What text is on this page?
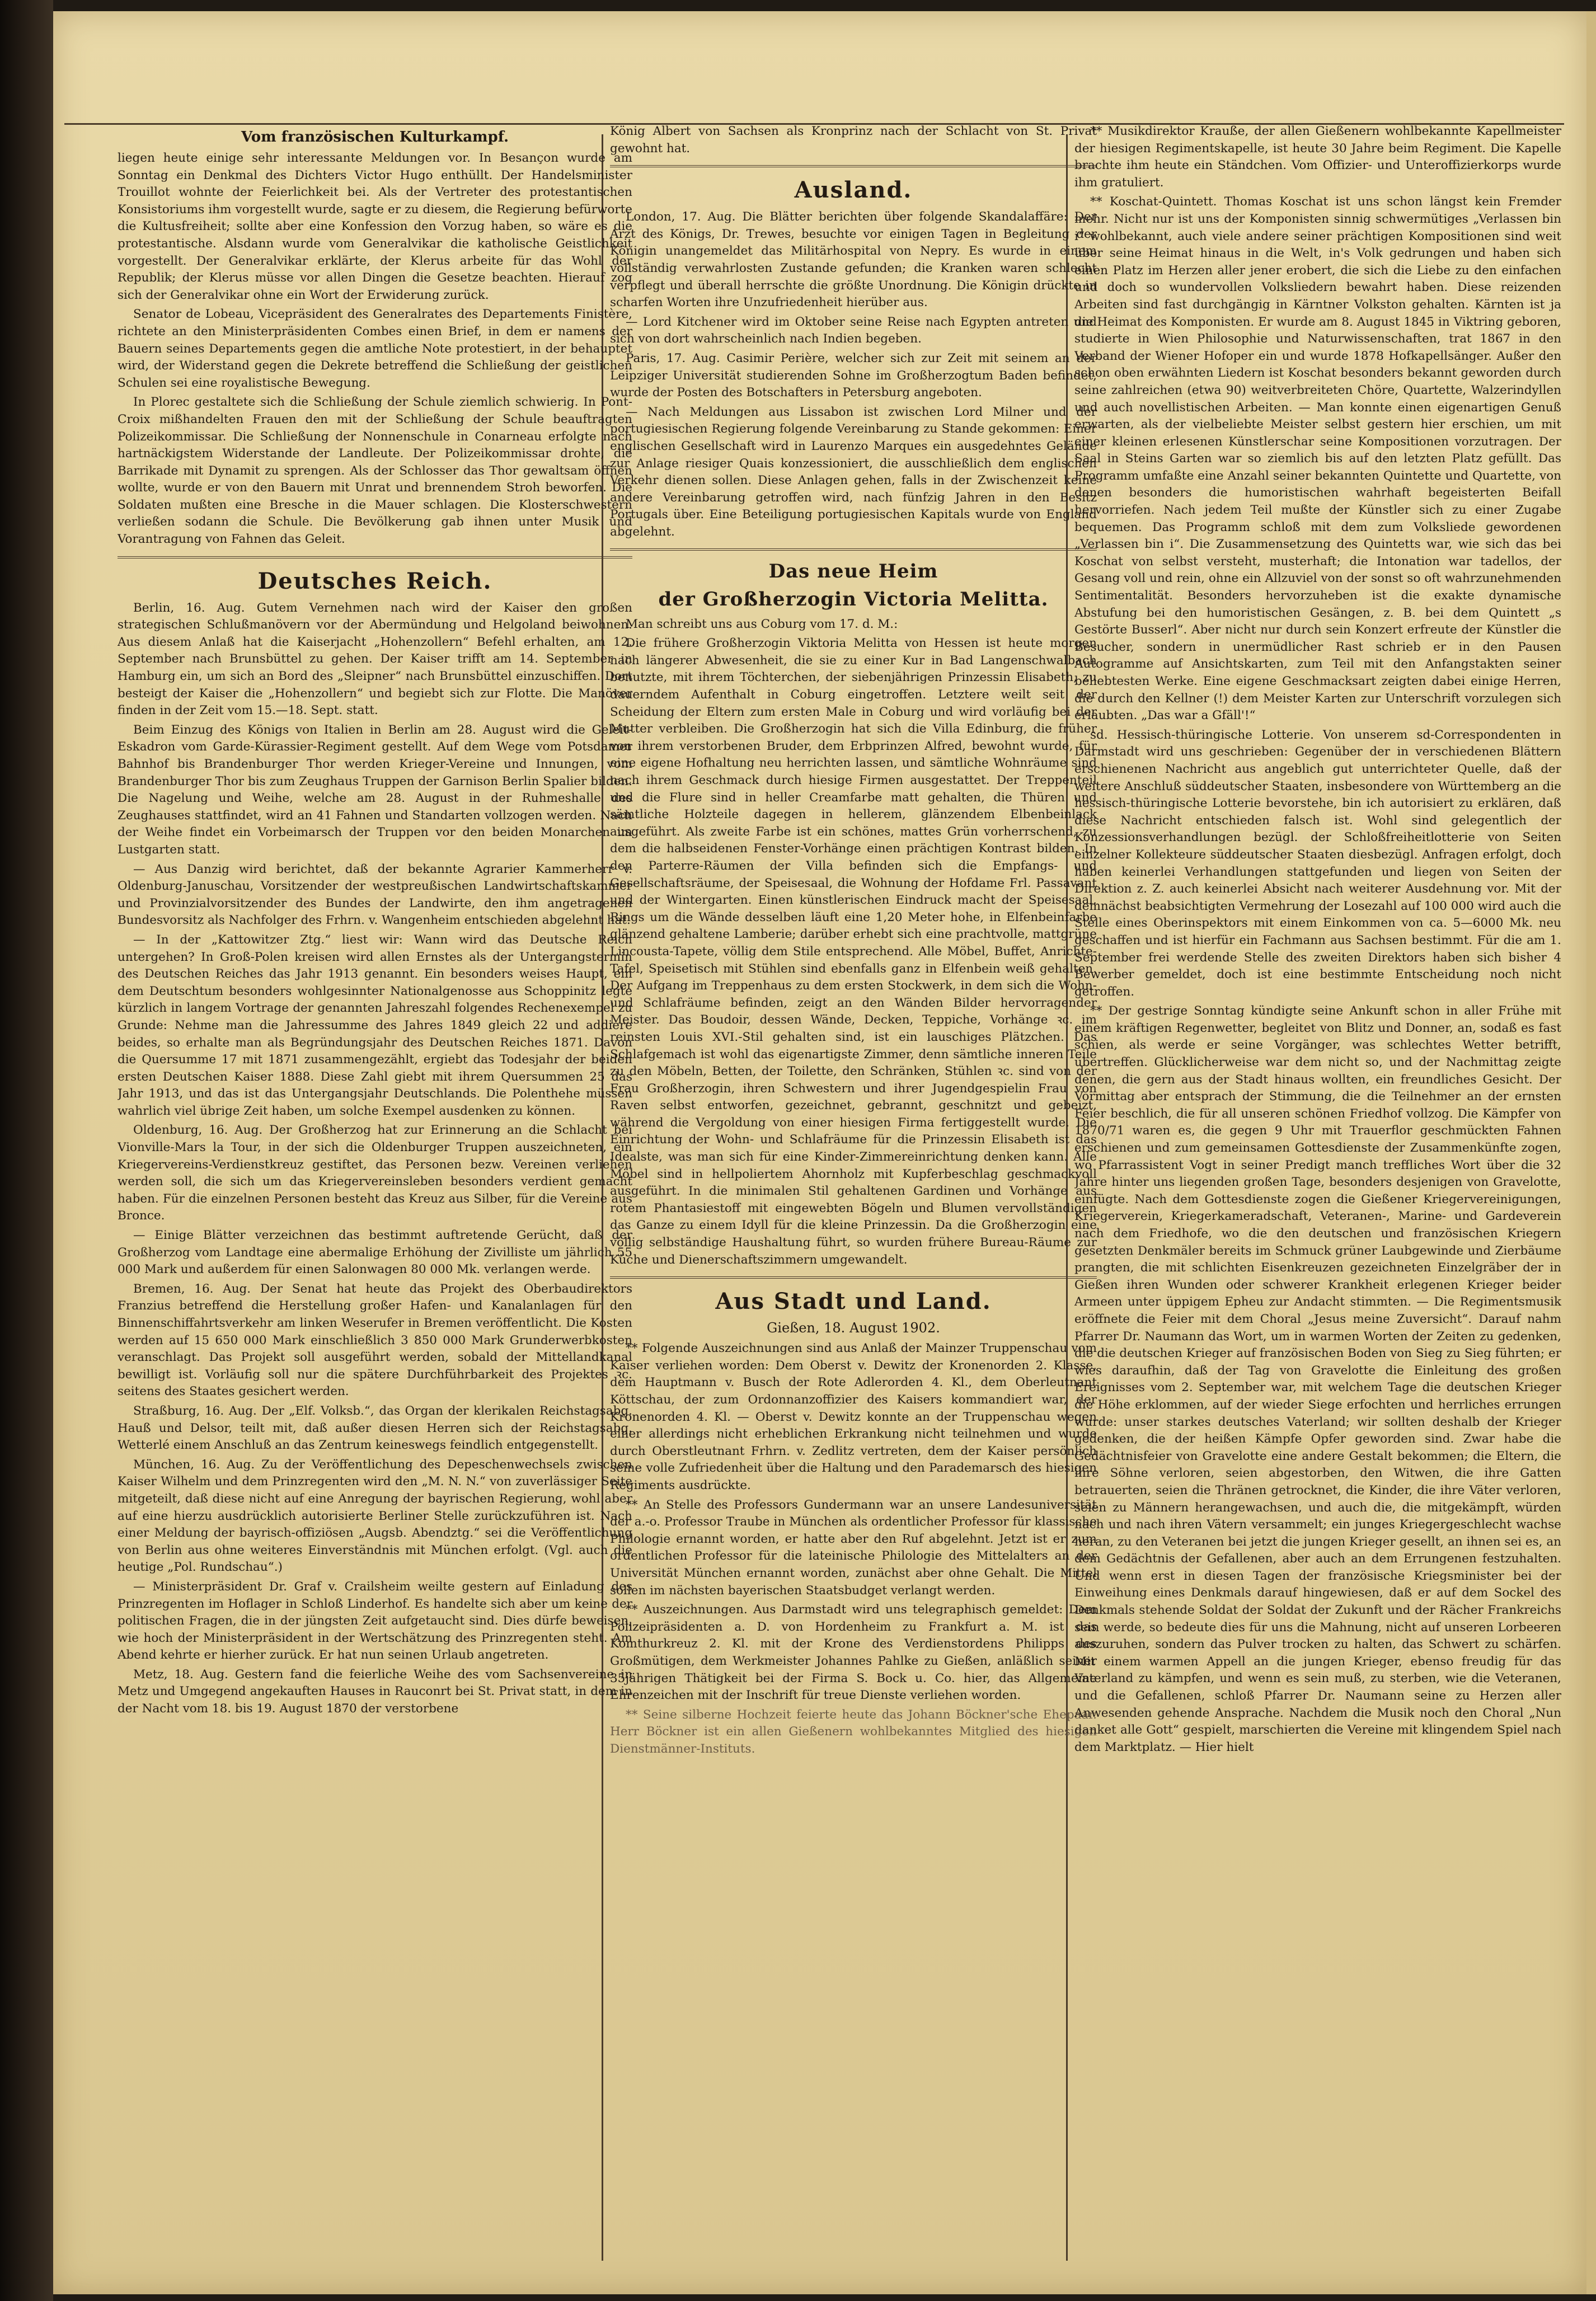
Vom französischen Kulturkampf.

liegen heute einige sehr interessante Meldungen vor. In Besançon wurde am Sonntag ein Denkmal des Dichters Victor Hugo enthüllt. Der Handelsminister Trouillot wohnte der Feierlichkeit bei. Als der Vertreter des protestantischen Konsistoriums ihm vorgestellt wurde, sagte er zu diesem, die Regierung befürworte die Kultusfreiheit; sollte aber eine Konfession den Vorzug haben, so wäre es die protestantische. Alsdann wurde vom Generalvikar die katholische Geistlichkeit vorgestellt. Der Generalvikar erklärte, der Klerus arbeite für das Wohl der Republik; der Klerus müsse vor allen Dingen die Gesetze beachten. Hierauf zog sich der Generalvikar ohne ein Wort der Erwiderung zurück.

Senator de Lobeau, Vicepräsident des Generalrates des Departements Finistère, richtete an den Ministerpräsidenten Combes einen Brief, in dem er namens der Bauern seines Departements gegen die amtliche Note protestiert, in der behauptet wird, der Widerstand gegen die Dekrete betreffend die Schließung der geistlichen Schulen sei eine royalistische Bewegung.

In Plorec gestaltete sich die Schließung der Schule ziemlich schwierig. In Pont-Croix mißhandelten Frauen den mit der Schließung der Schule beauftragten Polizeikommissar. Die Schließung der Nonnenschule in Conarneau erfolgte nach hartnäckigstem Widerstande der Landleute. Der Polizeikommissar drohte, die Barrikade mit Dynamit zu sprengen. Als der Schlosser das Thor gewaltsam öffnen wollte, wurde er von den Bauern mit Unrat und brennendem Stroh beworfen. Die Soldaten mußten eine Bresche in die Mauer schlagen. Die Klosterschwestern verließen sodann die Schule. Die Bevölkerung gab ihnen unter Musik und Vorantragung von Fahnen das Geleit.

Deutsches Reich.

Berlin, 16. Aug. Gutem Vernehmen nach wird der Kaiser den großen strategischen Schlußmanövern vor der Abermündung und Helgoland beiwohnen. Aus diesem Anlaß hat die Kaiserjacht „Hohenzollern“ Befehl erhalten, am 12. September nach Brunsbüttel zu gehen. Der Kaiser trifft am 14. September in Hamburg ein, um sich an Bord des „Sleipner“ nach Brunsbüttel einzuschiffen. Dort besteigt der Kaiser die „Hohenzollern“ und begiebt sich zur Flotte. Die Manöver finden in der Zeit vom 15.—18. Sept. statt.

Beim Einzug des Königs von Italien in Berlin am 28. August wird die Geleit-Eskadron vom Garde-Kürassier-Regiment gestellt. Auf dem Wege vom Potsdamer Bahnhof bis Brandenburger Thor werden Krieger-Vereine und Innungen, vom Brandenburger Thor bis zum Zeughaus Truppen der Garnison Berlin Spalier bilden. Die Nagelung und Weihe, welche am 28. August in der Ruhmeshalle des Zeughauses stattfindet, wird an 41 Fahnen und Standarten vollzogen werden. Nach der Weihe findet ein Vorbeimarsch der Truppen vor den beiden Monarchen im Lustgarten statt.

— Aus Danzig wird berichtet, daß der bekannte Agrarier Kammerherr v. Oldenburg-Januschau, Vorsitzender der westpreußischen Landwirtschaftskammer und Provinzialvorsitzender des Bundes der Landwirte, den ihm angetragenen Bundesvorsitz als Nachfolger des Frhrn. v. Wangenheim entschieden abgelehnt hat.

— In der „Kattowitzer Ztg.“ liest wir: Wann wird das Deutsche Reich untergehen? In Groß-Polen kreisen wird allen Ernstes als der Untergangstermin des Deutschen Reiches das Jahr 1913 genannt. Ein besonders weises Haupt, ein dem Deutschtum besonders wohlgesinnter Nationalgenosse aus Schoppinitz legte kürzlich in langem Vortrage der genannten Jahreszahl folgendes Rechenexempel zu Grunde: Nehme man die Jahressumme des Jahres 1849 gleich 22 und addiere beides, so erhalte man als Begründungsjahr des Deutschen Reiches 1871. Davon die Quersumme 17 mit 1871 zusammengezählt, ergiebt das Todesjahr der beiden ersten Deutschen Kaiser 1888. Diese Zahl giebt mit ihrem Quersummen 25 das Jahr 1913, und das ist das Untergangsjahr Deutschlands. Die Polenthehe müssen wahrlich viel übrige Zeit haben, um solche Exempel ausdenken zu können.

Oldenburg, 16. Aug. Der Großherzog hat zur Erinnerung an die Schlacht bei Vionville-Mars la Tour, in der sich die Oldenburger Truppen auszeichneten, ein Kriegervereins-Verdienstkreuz gestiftet, das Personen bezw. Vereinen verliehen werden soll, die sich um das Kriegervereinsleben besonders verdient gemacht haben. Für die einzelnen Personen besteht das Kreuz aus Silber, für die Vereine aus Bronce.

— Einige Blätter verzeichnen das bestimmt auftretende Gerücht, daß der Großherzog vom Landtage eine abermalige Erhöhung der Zivilliste um jährlich 55 000 Mark und außerdem für einen Salonwagen 80 000 Mk. verlangen werde.

Bremen, 16. Aug. Der Senat hat heute das Projekt des Oberbaudirektors Franzius betreffend die Herstellung großer Hafen- und Kanalanlagen für den Binnenschiffahrtsverkehr am linken Weserufer in Bremen veröffentlicht. Die Kosten werden auf 15 650 000 Mark einschließlich 3 850 000 Mark Grunderwerbkosten veranschlagt. Das Projekt soll ausgeführt werden, sobald der Mittellandkanal bewilligt ist. Vorläufig soll nur die spätere Durchführbarkeit des Projektes ꝛc. seitens des Staates gesichert werden.

Straßburg, 16. Aug. Der „Elf. Volksb.“, das Organ der klerikalen Reichstagsabg. Hauß und Delsor, teilt mit, daß außer diesen Herren sich der Reichstagsabg. Wetterlé einem Anschluß an das Zentrum keineswegs feindlich entgegenstellt.

München, 16. Aug. Zu der Veröffentlichung des Depeschenwechsels zwischen Kaiser Wilhelm und dem Prinzregenten wird den „M. N. N.“ von zuverlässiger Seite mitgeteilt, daß diese nicht auf eine Anregung der bayrischen Regierung, wohl aber auf eine hierzu ausdrücklich autorisierte Berliner Stelle zurückzuführen ist. Nach einer Meldung der bayrisch-offiziösen „Augsb. Abendztg.“ sei die Veröffentlichung von Berlin aus ohne weiteres Einverständnis mit München erfolgt. (Vgl. auch die heutige „Pol. Rundschau“.)

— Ministerpräsident Dr. Graf v. Crailsheim weilte gestern auf Einladung des Prinzregenten im Hoflager in Schloß Linderhof. Es handelte sich aber um keine der politischen Fragen, die in der jüngsten Zeit aufgetaucht sind. Dies dürfe beweisen, wie hoch der Ministerpräsident in der Wertschätzung des Prinzregenten steht. Am Abend kehrte er hierher zurück. Er hat nun seinen Urlaub angetreten.

Metz, 18. Aug. Gestern fand die feierliche Weihe des vom Sachsenvereine in Metz und Umgegend angekauften Hauses in Rauconrt bei St. Privat statt, in dem in der Nacht vom 18. bis 19. August 1870 der verstorbene

König Albert von Sachsen als Kronprinz nach der Schlacht von St. Privat gewohnt hat.

Ausland.

London, 17. Aug. Die Blätter berichten über folgende Skandalaffäre: Der Arzt des Königs, Dr. Trewes, besuchte vor einigen Tagen in Begleitung der Königin unangemeldet das Militärhospital von Nepry. Es wurde in einem vollständig verwahrlosten Zustande gefunden; die Kranken waren schlecht verpflegt und überall herrschte die größte Unordnung. Die Königin drückte in scharfen Worten ihre Unzufriedenheit hierüber aus.

— Lord Kitchener wird im Oktober seine Reise nach Egypten antreten und sich von dort wahrscheinlich nach Indien begeben.

Paris, 17. Aug. Casimir Perière, welcher sich zur Zeit mit seinem an der Leipziger Universität studierenden Sohne im Großherzogtum Baden befindet, wurde der Posten des Botschafters in Petersburg angeboten.

— Nach Meldungen aus Lissabon ist zwischen Lord Milner und der portugiesischen Regierung folgende Vereinbarung zu Stande gekommen: Einer englischen Gesellschaft wird in Laurenzo Marques ein ausgedehntes Gelände zur Anlage riesiger Quais konzessioniert, die ausschließlich dem englischen Verkehr dienen sollen. Diese Anlagen gehen, falls in der Zwischenzeit keine andere Vereinbarung getroffen wird, nach fünfzig Jahren in den Besitz Portugals über. Eine Beteiligung portugiesischen Kapitals wurde von England abgelehnt.

Das neue Heim
der Großherzogin Victoria Melitta.

Man schreibt uns aus Coburg vom 17. d. M.:

Die frühere Großherzogin Viktoria Melitta von Hessen ist heute morgen nach längerer Abwesenheit, die sie zu einer Kur in Bad Langenschwalbach benutzte, mit ihrem Töchterchen, der siebenjährigen Prinzessin Elisabeth, zu dauerndem Aufenthalt in Coburg eingetroffen. Letztere weilt seit der Scheidung der Eltern zum ersten Male in Coburg und wird vorläufig bei der Mutter verbleiben. Die Großherzogin hat sich die Villa Edinburg, die früher von ihrem verstorbenen Bruder, dem Erbprinzen Alfred, bewohnt wurde, für eine eigene Hofhaltung neu herrichten lassen, und sämtliche Wohnräume sind nach ihrem Geschmack durch hiesige Firmen ausgestattet. Der Treppenteil und die Flure sind in heller Creamfarbe matt gehalten, die Thüren und sämtliche Holzteile dagegen in hellerem, glänzendem Elbenbeinlack ausgeführt. Als zweite Farbe ist ein schönes, mattes Grün vorherrschend, zu dem die halbseidenen Fenster-Vorhänge einen prächtigen Kontrast bilden. In den Parterre-Räumen der Villa befinden sich die Empfangs- und Gesellschaftsräume, der Speisesaal, die Wohnung der Hofdame Frl. Passavant und der Wintergarten. Einen künstlerischen Eindruck macht der Speisesaal. Rings um die Wände desselben läuft eine 1,20 Meter hohe, in Elfenbeinfarbe glänzend gehaltene Lamberie; darüber erhebt sich eine prachtvolle, mattgrüne Lincousta-Tapete, völlig dem Stile entsprechend. Alle Möbel, Buffet, Anrichte-Tafel, Speisetisch mit Stühlen sind ebenfalls ganz in Elfenbein weiß gehalten. Der Aufgang im Treppenhaus zu dem ersten Stockwerk, in dem sich die Wohn- und Schlafräume befinden, zeigt an den Wänden Bilder hervorragender Meister. Das Boudoir, dessen Wände, Decken, Teppiche, Vorhänge ꝛc. im reinsten Louis XVI.-Stil gehalten sind, ist ein lauschiges Plätzchen. Das Schlafgemach ist wohl das eigenartigste Zimmer, denn sämtliche inneren Teile zu den Möbeln, Betten, der Toilette, den Schränken, Stühlen ꝛc. sind von der Frau Großherzogin, ihren Schwestern und ihrer Jugendgespielin Frau von Raven selbst entworfen, gezeichnet, gebrannt, geschnitzt und gebeizt, während die Vergoldung von einer hiesigen Firma fertiggestellt wurde. Die Einrichtung der Wohn- und Schlafräume für die Prinzessin Elisabeth ist das Idealste, was man sich für eine Kinder-Zimmereinrichtung denken kann. Alle Möbel sind in hellpoliertem Ahornholz mit Kupferbeschlag geschmackvoll ausgeführt. In die minimalen Stil gehaltenen Gardinen und Vorhänge aus rotem Phantasiestoff mit eingewebten Bögeln und Blumen vervollständigen das Ganze zu einem Idyll für die kleine Prinzessin. Da die Großherzogin eine völlig selbständige Haushaltung führt, so wurden frühere Bureau-Räume zur Küche und Dienerschaftszimmern umgewandelt.

Aus Stadt und Land.
Gießen, 18. August 1902.

** Folgende Auszeichnungen sind aus Anlaß der Mainzer Truppenschau vom Kaiser verliehen worden: Dem Oberst v. Dewitz der Kronenorden 2. Klasse, dem Hauptmann v. Busch der Rote Adlerorden 4. Kl., dem Oberleutnant Köttschau, der zum Ordonnanzoffizier des Kaisers kommandiert war, der Kronenorden 4. Kl. — Oberst v. Dewitz konnte an der Truppenschau wegen einer allerdings nicht erheblichen Erkrankung nicht teilnehmen und wurde durch Oberstleutnant Frhrn. v. Zedlitz vertreten, dem der Kaiser persönlich seine volle Zufriedenheit über die Haltung und den Parademarsch des hiesigen Regiments ausdrückte.

** An Stelle des Professors Gundermann war an unsere Landesuniversität der a.-o. Professor Traube in München als ordentlicher Professor für klassische Philologie ernannt worden, er hatte aber den Ruf abgelehnt. Jetzt ist er zum ordentlichen Professor für die lateinische Philologie des Mittelalters an der Universität München ernannt worden, zunächst aber ohne Gehalt. Die Mittel sollen im nächsten bayerischen Staatsbudget verlangt werden.

** Auszeichnungen. Aus Darmstadt wird uns telegraphisch gemeldet: Dem Polizeipräsidenten a. D. von Hordenheim zu Frankfurt a. M. ist das Komthurkreuz 2. Kl. mit der Krone des Verdienstordens Philipps des Großmütigen, dem Werkmeister Johannes Pahlke zu Gießen, anläßlich seiner 35jährigen Thätigkeit bei der Firma S. Bock u. Co. hier, das Allgemeine Ehrenzeichen mit der Inschrift für treue Dienste verliehen worden.

** Seine silberne Hochzeit feierte heute das Johann Böckner'sche Ehepaar. Herr Böckner ist ein allen Gießenern wohlbekanntes Mitglied des hiesigen Dienstmänner-Instituts.

** Musikdirektor Krauße, der allen Gießenern wohlbekannte Kapellmeister der hiesigen Regimentskapelle, ist heute 30 Jahre beim Regiment. Die Kapelle brachte ihm heute ein Ständchen. Vom Offizier- und Unteroffizierkorps wurde ihm gratuliert.

** Koschat-Quintett. Thomas Koschat ist uns schon längst kein Fremder mehr. Nicht nur ist uns der Komponisten sinnig schwermütiges „Verlassen bin i“ wohlbekannt, auch viele andere seiner prächtigen Kompositionen sind weit über seine Heimat hinaus in die Welt, in's Volk gedrungen und haben sich einen Platz im Herzen aller jener erobert, die sich die Liebe zu den einfachen und doch so wundervollen Volksliedern bewahrt haben. Diese reizenden Arbeiten sind fast durchgängig in Kärntner Volkston gehalten. Kärnten ist ja die Heimat des Komponisten. Er wurde am 8. August 1845 in Viktring geboren, studierte in Wien Philosophie und Naturwissenschaften, trat 1867 in den Verband der Wiener Hofoper ein und wurde 1878 Hofkapellsänger. Außer den schon oben erwähnten Liedern ist Koschat besonders bekannt geworden durch seine zahlreichen (etwa 90) weitverbreiteten Chöre, Quartette, Walzerindyllen und auch novellistischen Arbeiten. — Man konnte einen eigenartigen Genuß erwarten, als der vielbeliebte Meister selbst gestern hier erschien, um mit einer kleinen erlesenen Künstlerschar seine Kompositionen vorzutragen. Der Saal in Steins Garten war so ziemlich bis auf den letzten Platz gefüllt. Das Programm umfaßte eine Anzahl seiner bekannten Quintette und Quartette, von denen besonders die humoristischen wahrhaft begeisterten Beifall hervorriefen. Nach jedem Teil mußte der Künstler sich zu einer Zugabe bequemen. Das Programm schloß mit dem zum Volksliede gewordenen „Verlassen bin i“. Die Zusammensetzung des Quintetts war, wie sich das bei Koschat von selbst versteht, musterhaft; die Intonation war tadellos, der Gesang voll und rein, ohne ein Allzuviel von der sonst so oft wahrzunehmenden Sentimentalität. Besonders hervorzuheben ist die exakte dynamische Abstufung bei den humoristischen Gesängen, z. B. bei dem Quintett „s Gestörte Busserl“. Aber nicht nur durch sein Konzert erfreute der Künstler die Besucher, sondern in unermüdlicher Rast schrieb er in den Pausen Autogramme auf Ansichtskarten, zum Teil mit den Anfangstakten seiner beliebtesten Werke. Eine eigene Geschmacksart zeigten dabei einige Herren, die durch den Kellner (!) dem Meister Karten zur Unterschrift vorzulegen sich erlaubten. „Das war a Gfäll'!“

sd. Hessisch-thüringische Lotterie. Von unserem sd-Correspondenten in Darmstadt wird uns geschrieben: Gegenüber der in verschiedenen Blättern erschienenen Nachricht aus angeblich gut unterrichteter Quelle, daß der weitere Anschluß süddeutscher Staaten, insbesondere von Württemberg an die hessisch-thüringische Lotterie bevorstehe, bin ich autorisiert zu erklären, daß diese Nachricht entschieden falsch ist. Wohl sind gelegentlich der Konzessionsverhandlungen bezügl. der Schloßfreiheitlotterie von Seiten einzelner Kollekteure süddeutscher Staaten diesbezügl. Anfragen erfolgt, doch haben keinerlei Verhandlungen stattgefunden und liegen von Seiten der Direktion z. Z. auch keinerlei Absicht nach weiterer Ausdehnung vor. Mit der demnächst beabsichtigten Vermehrung der Losezahl auf 100 000 wird auch die Stelle eines Oberinspektors mit einem Einkommen von ca. 5—6000 Mk. neu geschaffen und ist hierfür ein Fachmann aus Sachsen bestimmt. Für die am 1. September frei werdende Stelle des zweiten Direktors haben sich bisher 4 Bewerber gemeldet, doch ist eine bestimmte Entscheidung noch nicht getroffen.

** Der gestrige Sonntag kündigte seine Ankunft schon in aller Frühe mit einem kräftigen Regenwetter, begleitet von Blitz und Donner, an, sodaß es fast schien, als werde er seine Vorgänger, was schlechtes Wetter betrifft, übertreffen. Glücklicherweise war dem nicht so, und der Nachmittag zeigte denen, die gern aus der Stadt hinaus wollten, ein freundliches Gesicht. Der Vormittag aber entsprach der Stimmung, die die Teilnehmer an der ernsten Feier beschlich, die für all unseren schönen Friedhof vollzog. Die Kämpfer von 1870/71 waren es, die gegen 9 Uhr mit Trauerflor geschmückten Fahnen erschienen und zum gemeinsamen Gottesdienste der Zusammenkünfte zogen, wo Pfarrassistent Vogt in seiner Predigt manch treffliches Wort über die 32 Jahre hinter uns liegenden großen Tage, besonders desjenigen von Gravelotte, einfügte. Nach dem Gottesdienste zogen die Gießener Kriegervereinigungen, Kriegerverein, Kriegerkameradschaft, Veteranen-, Marine- und Gardeverein nach dem Friedhofe, wo die den deutschen und französischen Kriegern gesetzten Denkmäler bereits im Schmuck grüner Laubgewinde und Zierbäume prangten, die mit schlichten Eisenkreuzen gezeichneten Einzelgräber der in Gießen ihren Wunden oder schwerer Krankheit erlegenen Krieger beider Armeen unter üppigem Epheu zur Andacht stimmten. — Die Regimentsmusik eröffnete die Feier mit dem Choral „Jesus meine Zuversicht“. Darauf nahm Pfarrer Dr. Naumann das Wort, um in warmen Worten der Zeiten zu gedenken, die die deutschen Krieger auf französischen Boden von Sieg zu Sieg führten; er wies daraufhin, daß der Tag von Gravelotte die Einleitung des großen Ereignisses vom 2. September war, mit welchem Tage die deutschen Krieger die Höhe erklommen, auf der wieder Siege erfochten und herrliches errungen wurde: unser starkes deutsches Vaterland; wir sollten deshalb der Krieger gedenken, die der heißen Kämpfe Opfer geworden sind. Zwar habe die Gedächtnisfeier von Gravelotte eine andere Gestalt bekommen; die Eltern, die ihre Söhne verloren, seien abgestorben, den Witwen, die ihre Gatten betrauerten, seien die Thränen getrocknet, die Kinder, die ihre Väter verloren, seien zu Männern herangewachsen, und auch die, die mitgekämpft, würden nach und nach ihren Vätern versammelt; ein junges Kriegergeschlecht wachse heran, zu den Veteranen bei jetzt die jungen Krieger gesellt, an ihnen sei es, an dem Gedächtnis der Gefallenen, aber auch an dem Errungenen festzuhalten. Und wenn erst in diesen Tagen der französische Kriegsminister bei der Einweihung eines Denkmals darauf hingewiesen, daß er auf dem Sockel des Denkmals stehende Soldat der Soldat der Zukunft und der Rächer Frankreichs sein werde, so bedeute dies für uns die Mahnung, nicht auf unseren Lorbeeren auszuruhen, sondern das Pulver trocken zu halten, das Schwert zu schärfen. Mit einem warmen Appell an die jungen Krieger, ebenso freudig für das Vaterland zu kämpfen, und wenn es sein muß, zu sterben, wie die Veteranen, und die Gefallenen, schloß Pfarrer Dr. Naumann seine zu Herzen aller Anwesenden gehende Ansprache. Nachdem die Musik noch den Choral „Nun danket alle Gott“ gespielt, marschierten die Vereine mit klingendem Spiel nach dem Marktplatz. — Hier hielt
